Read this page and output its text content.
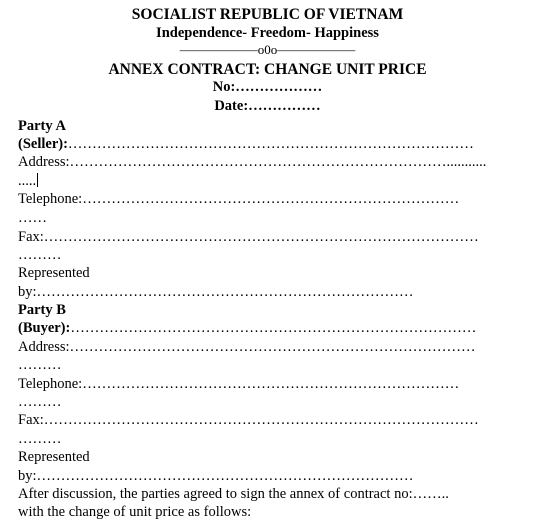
SOCIALIST REPUBLIC OF VIETNAM
Independence- Freedom- Happiness
——————o0o——————
ANNEX CONTRACT: CHANGE UNIT PRICE
No:………………
Date:……………
Party A
(Seller):…………………………………………………………………………
Address:……………………………………………………………………...........
.....
Telephone:……………………………………………………………………
……
Fax:………………………………………………………………………………
………
Represented
by:……………………………………………………………………
Party B
(Buyer):…………………………………………………………………………
Address:…………………………………………………………………………
………
Telephone:……………………………………………………………………
………
Fax:………………………………………………………………………………
………
Represented
by:……………………………………………………………………
After discussion, the parties agreed to sign the annex of contract no:……..
with the change of unit price as follows:
